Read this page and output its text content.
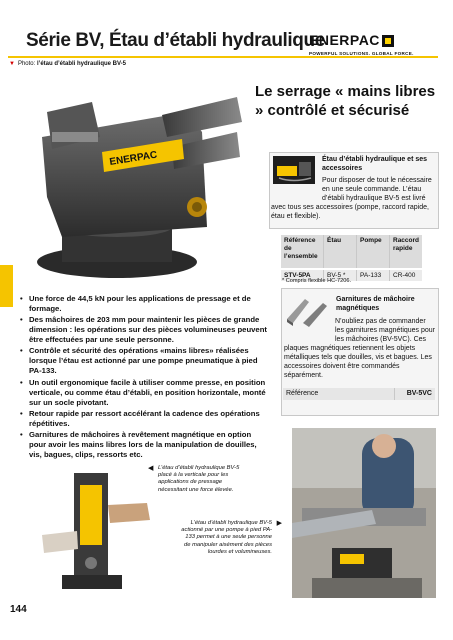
Série BV, Étau d’établi hydraulique
ENERPAC
POWERFUL SOLUTIONS. GLOBAL FORCE.
▼ Photo: l’étau d’établi hydraulique BV-5
ENERPAC
Le serrage « mains libres » contrôlé et sécurisé
Étau d’établi hydraulique et ses accessoires
Pour disposer de tout le nécessaire en une seule commande. L’étau d’établi hydraulique BV-5 est livré
avec tous ses accessoires (pompe, raccord rapide, étau et flexible).
Référence de l’ensemble	Étau	Pompe	Raccord rapide
STV-5PA	BV-5 *	PA-133	CR-400
* Compris flexible HC-7206.
Garnitures de mâchoire magnétiques
N’oubliez pas de commander les garnitures magnétiques pour les mâchoires (BV-5VC). Ces
plaques magnétiques retiennent les objets métalliques tels que douilles, vis et bagues. Les accessoires doivent être commandés séparément.
Référence	BV-5VC
• Une force de 44,5 kN pour les applications de pressage et de formage.
• Des mâchoires de 203 mm pour maintenir les pièces de grande dimension : les opérations sur des pièces volumineuses peuvent être effectuées par une seule personne.
• Contrôle et sécurité des opérations «mains libres» réalisées lorsque l’étau est actionné par une pompe pneumatique à pied PA-133.
• Un outil ergonomique facile à utiliser comme presse, en position verticale, ou comme étau d’établi, en position horizontale, monté sur un socle pivotant.
• Retour rapide par ressort accélérant la cadence des opérations répétitives.
• Garnitures de mâchoires à revêtement magnétique en option pour avoir les mains libres lors de la manipulation de douilles, vis, bagues, clips, ressorts etc.
◀ L’étau d’établi hydraulique BV-5 placé à la verticale pour les applications de pressage nécessitant une force élevée.
L’étau d’établi hydraulique BV-5 actionné par une pompe à pied PA-133 permet à une seule personne de manipuler aisément des pièces lourdes et volumineuses.
▶
144
